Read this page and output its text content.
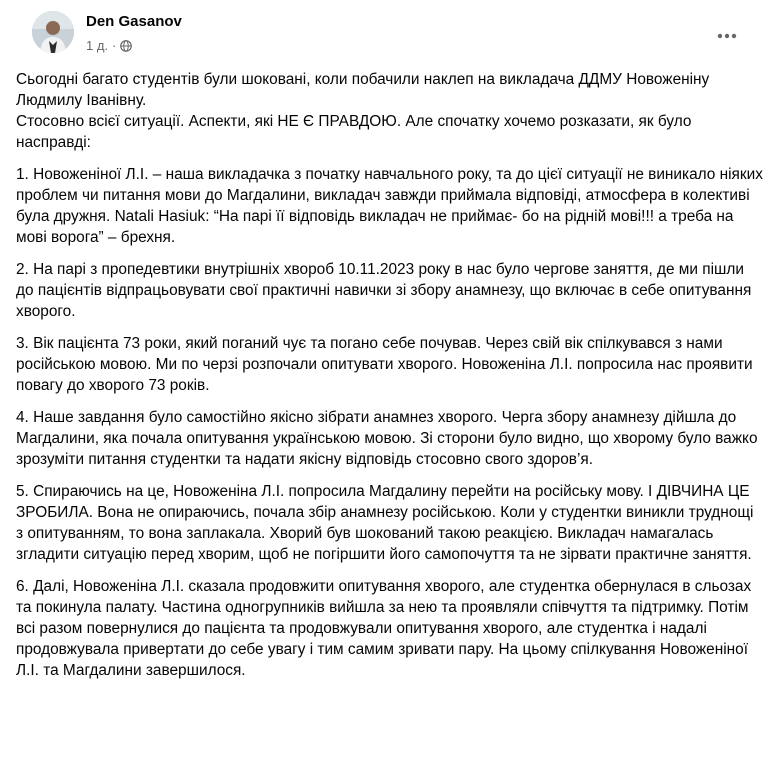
Den Gasanov
1 д. ·

Сьогодні багато студентів були шоковані, коли побачили наклеп на викладача ДДМУ Новоженіну Людмилу Іванівну.
Стосовно всієї ситуації. Аспекти, які НЕ Є ПРАВДОЮ. Але спочатку хочемо розказати, як було насправді:

1. Новоженіної Л.І. – наша викладачка з початку навчального року, та до цієї ситуації не виникало ніяких проблем чи питання мови до Магдалини, викладач завжди приймала відповіді, атмосфера в колективі була дружня. Natali Hasiuk: “На парі її відповідь викладач не приймає- бо на рідній мові!!! а треба на мові ворога” – брехня.

2. На парі з пропедевтики внутрішніх хвороб 10.11.2023 року в нас було чергове заняття, де ми пішли до пацієнтів відпрацьовувати свої практичні навички зі збору анамнезу, що включає в себе опитування хворого.

3. Вік пацієнта 73 роки, який поганий чує та погано себе почував. Через свій вік спілкувався з нами російською мовою. Ми по черзі розпочали опитувати хворого. Новоженіна Л.І. попросила нас проявити повагу до хворого 73 років.

4. Наше завдання було самостійно якісно зібрати анамнез хворого. Черга збору анамнезу дійшла до Магдалини, яка почала опитування українською мовою. Зі сторони було видно, що хворому було важко зрозуміти питання студентки та надати якісну відповідь стосовно свого здоров’я.

5. Спираючись на це, Новоженіна Л.І. попросила Магдалину перейти на російську мову. І ДІВЧИНА ЦЕ ЗРОБИЛА. Вона не опираючись, почала збір анамнезу російською. Коли у студентки виникли труднощі з опитуванням, то вона заплакала. Хворий був шокований такою реакцією. Викладач намагалась згладити ситуацію перед хворим, щоб не погіршити його самопочуття та не зірвати практичне заняття.

6. Далі, Новоженіна Л.І. сказала продовжити опитування хворого, але студентка обернулася в сльозах та покинула палату. Частина одногрупників вийшла за нею та проявляли співчуття та підтримку. Потім всі разом повернулися до пацієнта та продовжували опитування хворого, але студентка і надалі продовжувала привертати до себе увагу і тим самим зривати пару. На цьому спілкування Новоженіної Л.І. та Магдалини завершилося.
